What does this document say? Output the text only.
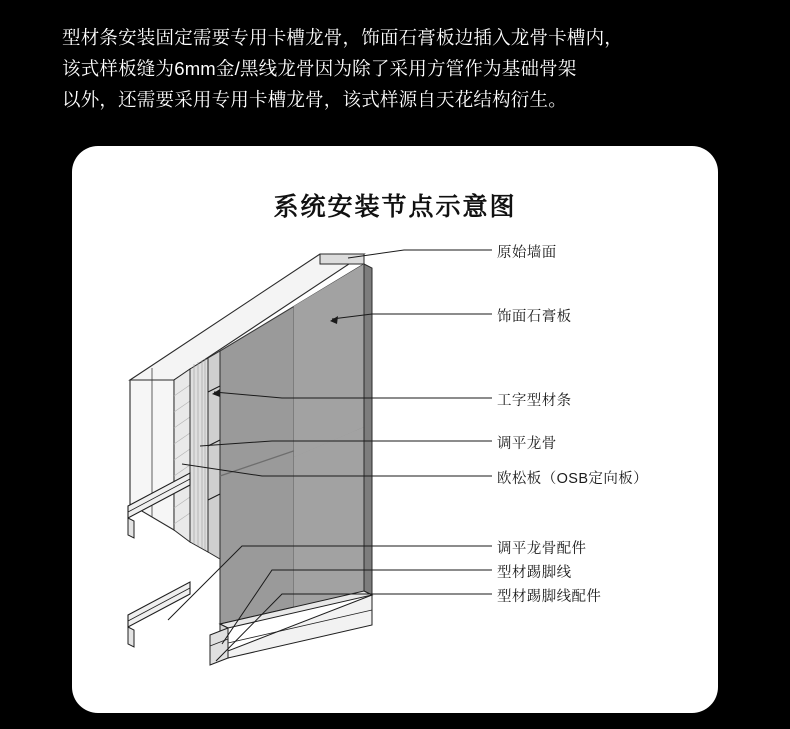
型材条安装固定需要专用卡槽龙骨，饰面石膏板边插入龙骨卡槽内，

该式样板缝为6mm金/黑线龙骨因为除了采用方管作为基础骨架

以外，还需要采用专用卡槽龙骨，该式样源自天花结构衍生。

系统安装节点示意图
原始墙面
饰面石膏板
工字型材条
调平龙骨
欧松板（OSB定向板）
调平龙骨配件
型材踢脚线
型材踢脚线配件
